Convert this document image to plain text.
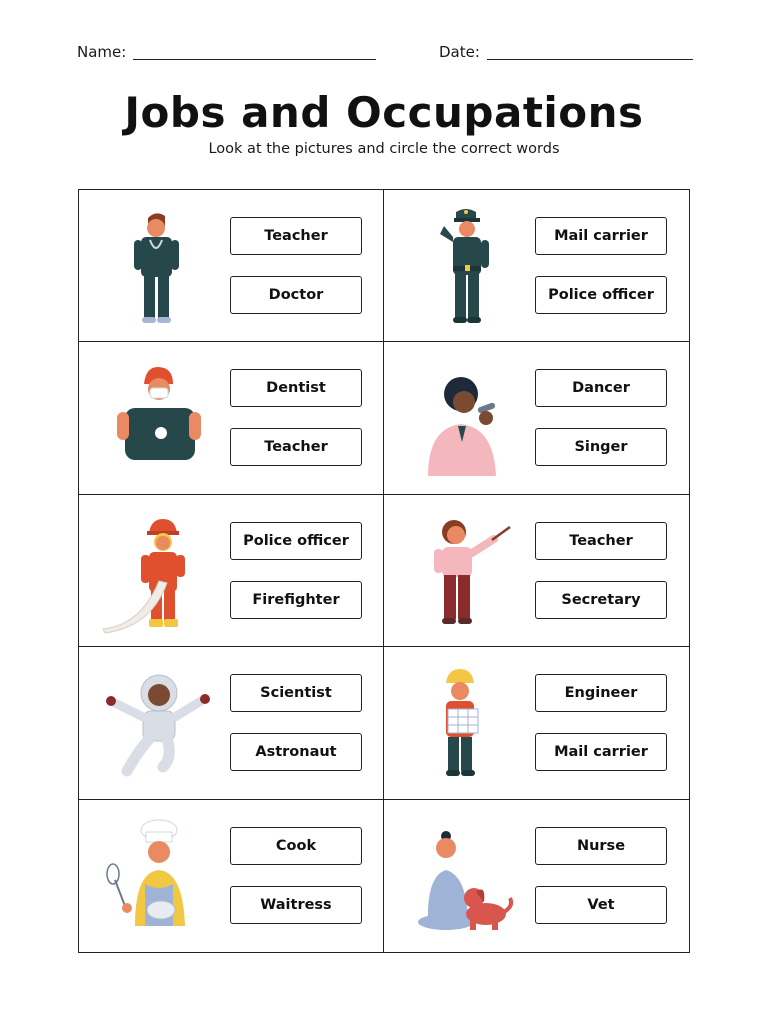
Name:	Date:
Jobs and Occupations
Look at the pictures and circle the correct words
Teacher
Doctor
Mail carrier
Police officer
Dentist
Teacher
Dancer
Singer
Police officer
Firefighter
Teacher
Secretary
Scientist
Astronaut
Engineer
Mail carrier
Cook
Waitress
Nurse
Vet
